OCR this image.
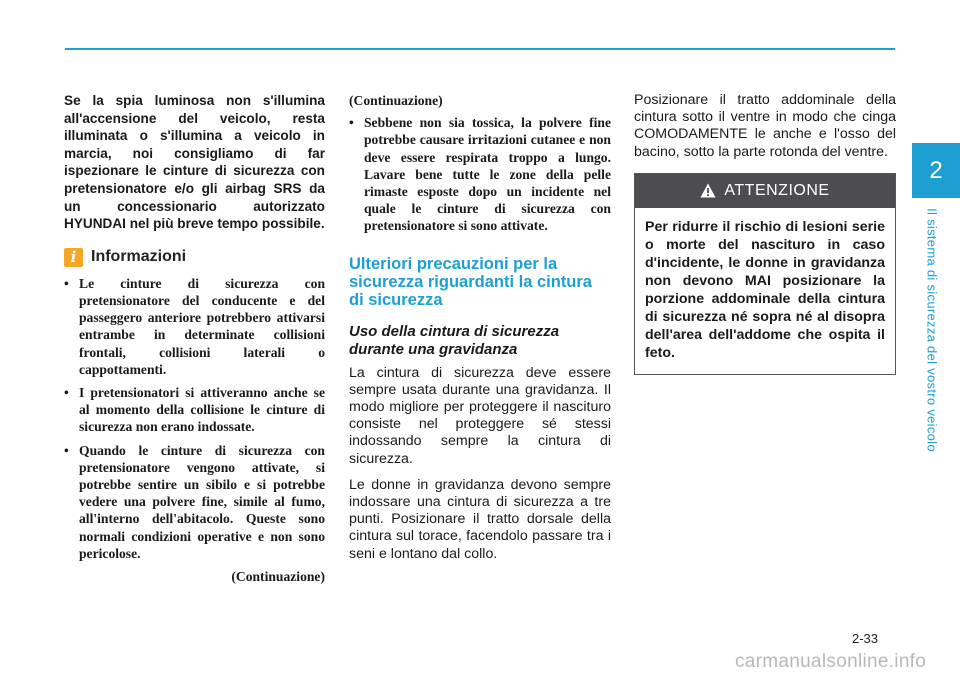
2
Il sistema di sicurezza del vostro veicolo

Se la spia luminosa non s'illumina all'accensione del veicolo, resta illuminata o s'illumina a veicolo in marcia, noi consigliamo di far ispezionare le cinture di sicurezza con pretensionatore e/o gli airbag SRS da un concessionario autorizzato HYUNDAI nel più breve tempo possibile.

i Informazioni
• Le cinture di sicurezza con pretensionatore del conducente e del passeggero anteriore potrebbero attivarsi entrambe in determinate collisioni frontali, collisioni laterali o cappottamenti.
• I pretensionatori si attiveranno anche se al momento della collisione le cinture di sicurezza non erano indossate.
• Quando le cinture di sicurezza con pretensionatore vengono attivate, si potrebbe sentire un sibilo e si potrebbe vedere una polvere fine, simile al fumo, all'interno dell'abitacolo. Queste sono normali condizioni operative e non sono pericolose.
(Continuazione)
(Continuazione)
• Sebbene non sia tossica, la polvere fine potrebbe causare irritazioni cutanee e non deve essere respirata troppo a lungo. Lavare bene tutte le zone della pelle rimaste esposte dopo un incidente nel quale le cinture di sicurezza con pretensionatore si sono attivate.
Ulteriori precauzioni per la sicurezza riguardanti la cintura di sicurezza
Uso della cintura di sicurezza durante una gravidanza

La cintura di sicurezza deve essere sempre usata durante una gravidanza. Il modo migliore per proteggere il nascituro consiste nel proteggere sé stessi indossando sempre la cintura di sicurezza.

Le donne in gravidanza devono sempre indossare una cintura di sicurezza a tre punti. Posizionare il tratto dorsale della cintura sul torace, facendolo passare tra i seni e lontano dal collo.

Posizionare il tratto addominale della cintura sotto il ventre in modo che cinga COMODAMENTE le anche e l'osso del bacino, sotto la parte rotonda del ventre.

ATTENZIONE
Per ridurre il rischio di lesioni serie o morte del nascituro in caso d'incidente, le donne in gravidanza non devono MAI posizionare la porzione addominale della cintura di sicurezza né sopra né al disopra dell'area dell'addome che ospita il feto.
2-33
carmanualsonline.info
